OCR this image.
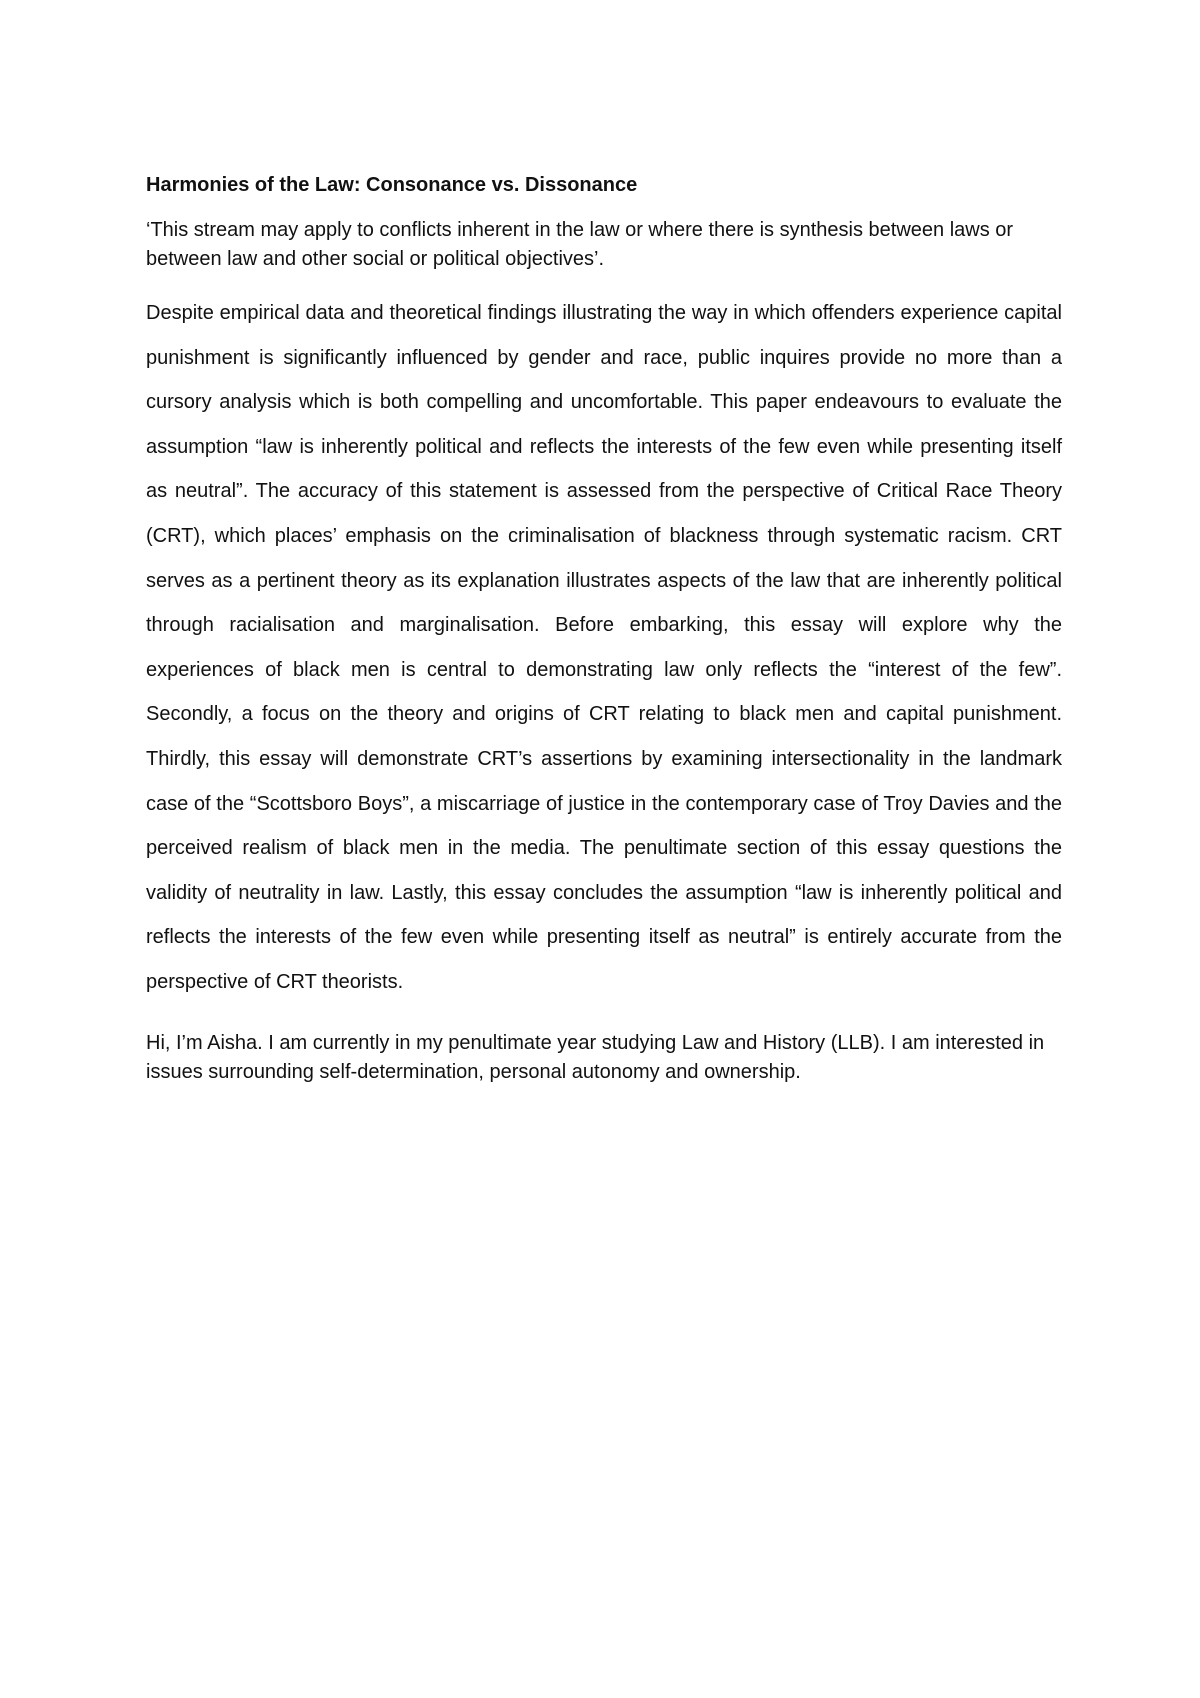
Harmonies of the Law: Consonance vs. Dissonance

‘This stream may apply to conflicts inherent in the law or where there is synthesis between laws or between law and other social or political objectives’.

Despite empirical data and theoretical findings illustrating the way in which offenders experience capital punishment is significantly influenced by gender and race, public inquires provide no more than a cursory analysis which is both compelling and uncomfortable. This paper endeavours to evaluate the assumption “law is inherently political and reflects the interests of the few even while presenting itself as neutral”. The accuracy of this statement is assessed from the perspective of Critical Race Theory (CRT), which places’ emphasis on the criminalisation of blackness through systematic racism. CRT serves as a pertinent theory as its explanation illustrates aspects of the law that are inherently political through racialisation and marginalisation. Before embarking, this essay will explore why the experiences of black men is central to demonstrating law only reflects the “interest of the few”. Secondly, a focus on the theory and origins of CRT relating to black men and capital punishment. Thirdly, this essay will demonstrate CRT’s assertions by examining intersectionality in the landmark case of the “Scottsboro Boys”, a miscarriage of justice in the contemporary case of Troy Davies and the perceived realism of black men in the media. The penultimate section of this essay questions the validity of neutrality in law. Lastly, this essay concludes the assumption “law is inherently political and reflects the interests of the few even while presenting itself as neutral” is entirely accurate from the perspective of CRT theorists.

Hi, I’m Aisha. I am currently in my penultimate year studying Law and History (LLB). I am interested in issues surrounding self-determination, personal autonomy and ownership.
